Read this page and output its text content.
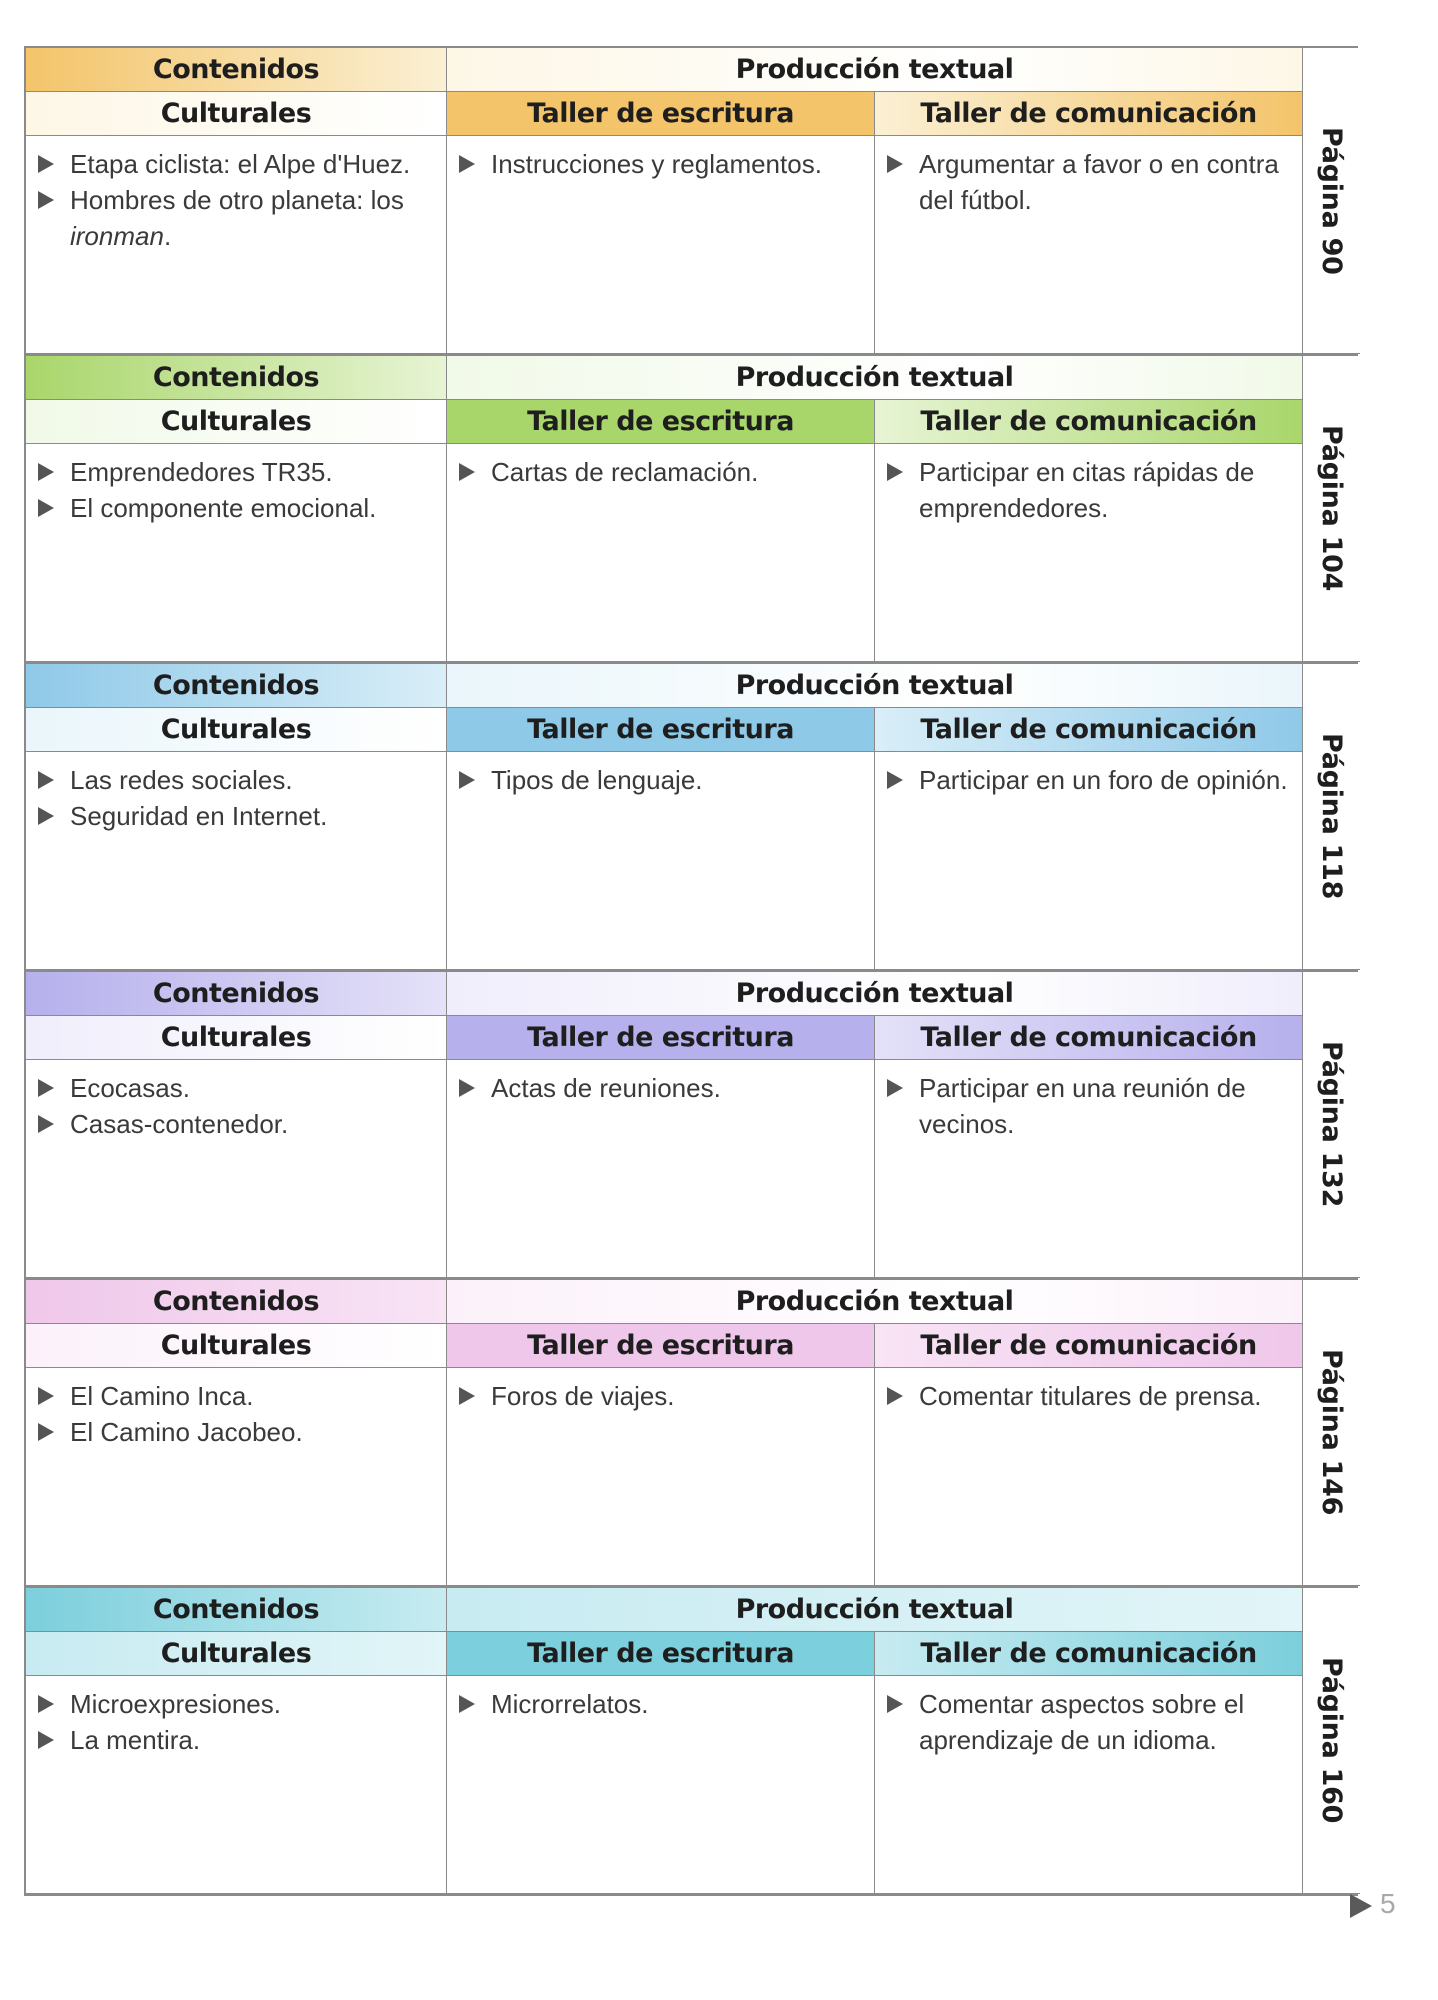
Contenidos	Producción textual
Culturales	Taller de escritura	Taller de comunicación
Etapa ciclista: el Alpe d'Huez.
Hombres de otro planeta: los ironman.
Instrucciones y reglamentos.	Argumentar a favor o en contra del fútbol.	Página 90
Contenidos	Producción textual
Culturales	Taller de escritura	Taller de comunicación
Emprendedores TR35.
El componente emocional.
Cartas de reclamación.	Participar en citas rápidas de emprendedores.	Página 104
Contenidos	Producción textual
Culturales	Taller de escritura	Taller de comunicación
Las redes sociales.
Seguridad en Internet.
Tipos de lenguaje.	Participar en un foro de opinión. Página 118
Contenidos	Producción textual
Culturales	Taller de escritura	Taller de comunicación
Ecocasas.
Casas-contenedor.
Actas de reuniones.	Participar en una reunión de vecinos.	Página 132
Contenidos	Producción textual
Culturales	Taller de escritura	Taller de comunicación
El Camino Inca.
El Camino Jacobeo.
Foros de viajes.	Comentar titulares de prensa.	Página 146
Contenidos	Producción textual
Culturales	Taller de escritura	Taller de comunicación
Microexpresiones.
La mentira.
Microrrelatos.	Comentar aspectos sobre el aprendizaje de un idioma.	Página 160
5
